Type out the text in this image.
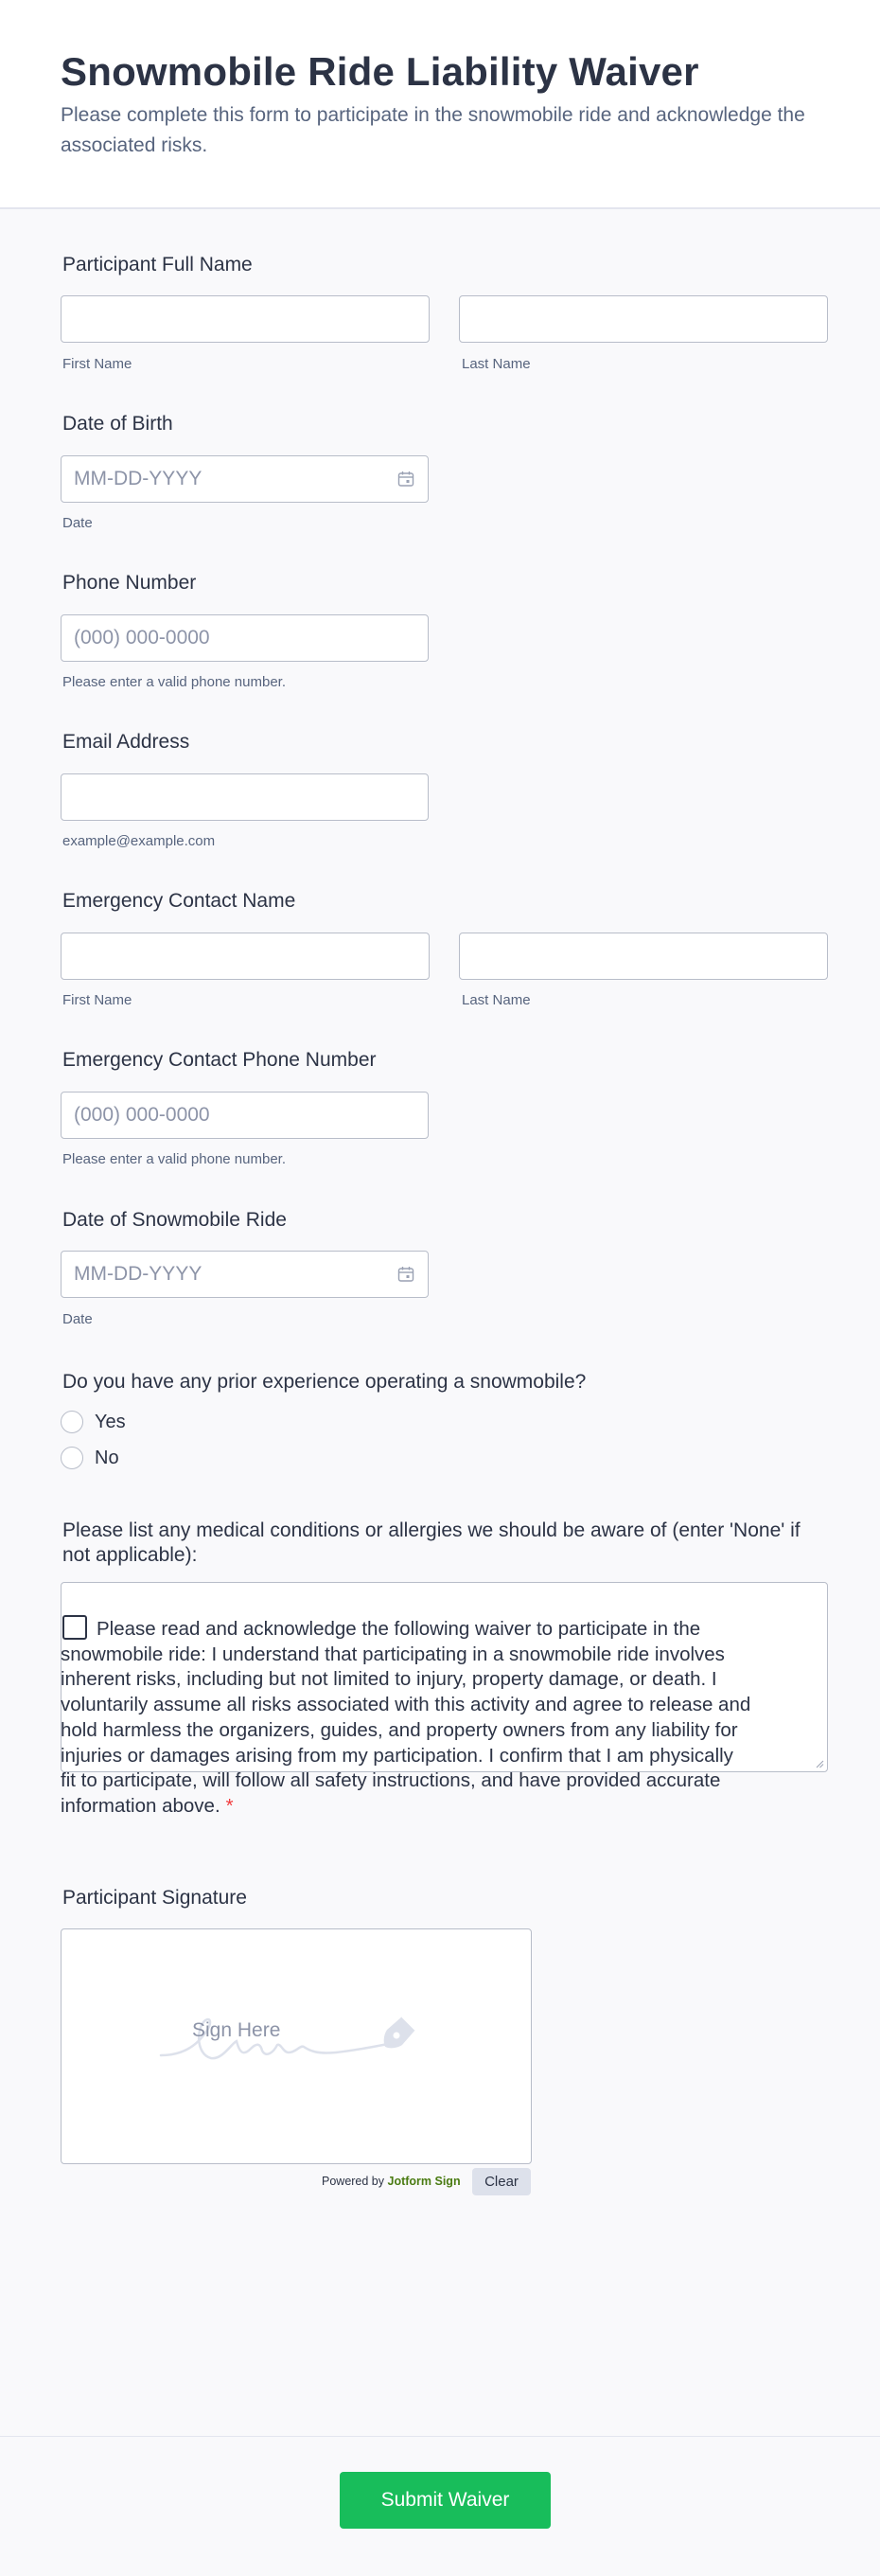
Snowmobile Ride Liability Waiver
Please complete this form to participate in the snowmobile ride and acknowledge the associated risks.
Participant Full Name
First Name	Last Name
Date of Birth
MM-DD-YYYY
Date
Phone Number
(000) 000-0000
Please enter a valid phone number.
Email Address
example@example.com
Emergency Contact Name
First Name	Last Name
Emergency Contact Phone Number
(000) 000-0000
Please enter a valid phone number.
Date of Snowmobile Ride
MM-DD-YYYY
Date
Do you have any prior experience operating a snowmobile?
Yes
No
Please list any medical conditions or allergies we should be aware of (enter 'None' if not applicable):
Please read and acknowledge the following waiver to participate in the snowmobile ride: I understand that participating in a snowmobile ride involves inherent risks, including but not limited to injury, property damage, or death. I voluntarily assume all risks associated with this activity and agree to release and hold harmless the organizers, guides, and property owners from any liability for injuries or damages arising from my participation. I confirm that I am physically fit to participate, will follow all safety instructions, and have provided accurate information above. *
Participant Signature
Sign Here
Powered by Jotform Sign	Clear
Submit Waiver
